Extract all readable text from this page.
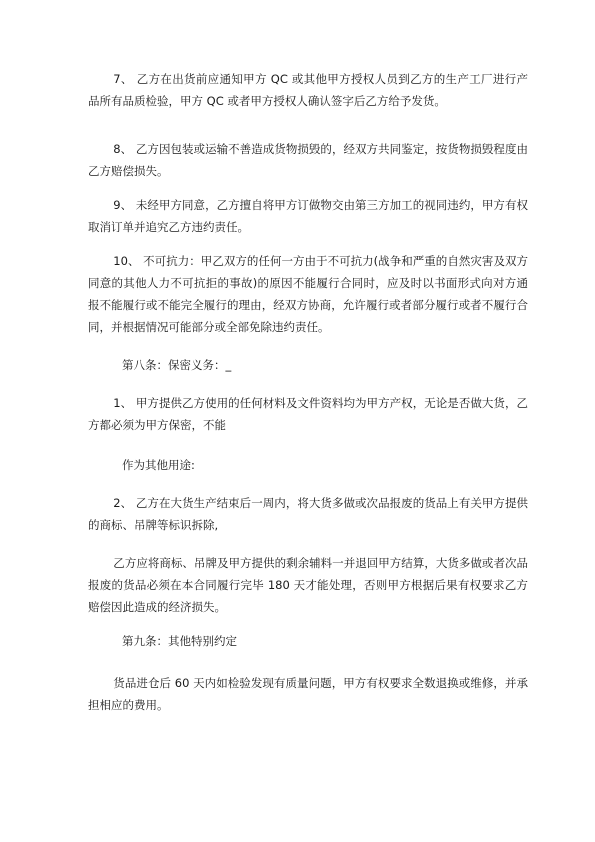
7、 乙方在出货前应通知甲方 QC 或其他甲方授权人员到乙方的生产工厂进行产品所有品质检验，甲方 QC 或者甲方授权人确认签字后乙方给予发货。

8、 乙方因包装或运输不善造成货物损毁的，经双方共同鉴定，按货物损毁程度由乙方赔偿损失。

9、 未经甲方同意，乙方擅自将甲方订做物交由第三方加工的视同违约，甲方有权取消订单并追究乙方违约责任。

10、 不可抗力：甲乙双方的任何一方由于不可抗力(战争和严重的自然灾害及双方同意的其他人力不可抗拒的事故)的原因不能履行合同时，应及时以书面形式向对方通报不能履行或不能完全履行的理由，经双方协商，允许履行或者部分履行或者不履行合同，并根据情况可能部分或全部免除违约责任。

第八条：保密义务：_

1、 甲方提供乙方使用的任何材料及文件资料均为甲方产权，无论是否做大货，乙方都必须为甲方保密，不能

作为其他用途:

2、 乙方在大货生产结束后一周内，将大货多做或次品报废的货品上有关甲方提供的商标、吊牌等标识拆除,

乙方应将商标、吊牌及甲方提供的剩余辅料一并退回甲方结算，大货多做或者次品报废的货品必须在本合同履行完毕 180 天才能处理，否则甲方根据后果有权要求乙方赔偿因此造成的经济损失。

第九条：其他特别约定

货品进仓后 60 天内如检验发现有质量问题，甲方有权要求全数退换或维修，并承担相应的费用。
